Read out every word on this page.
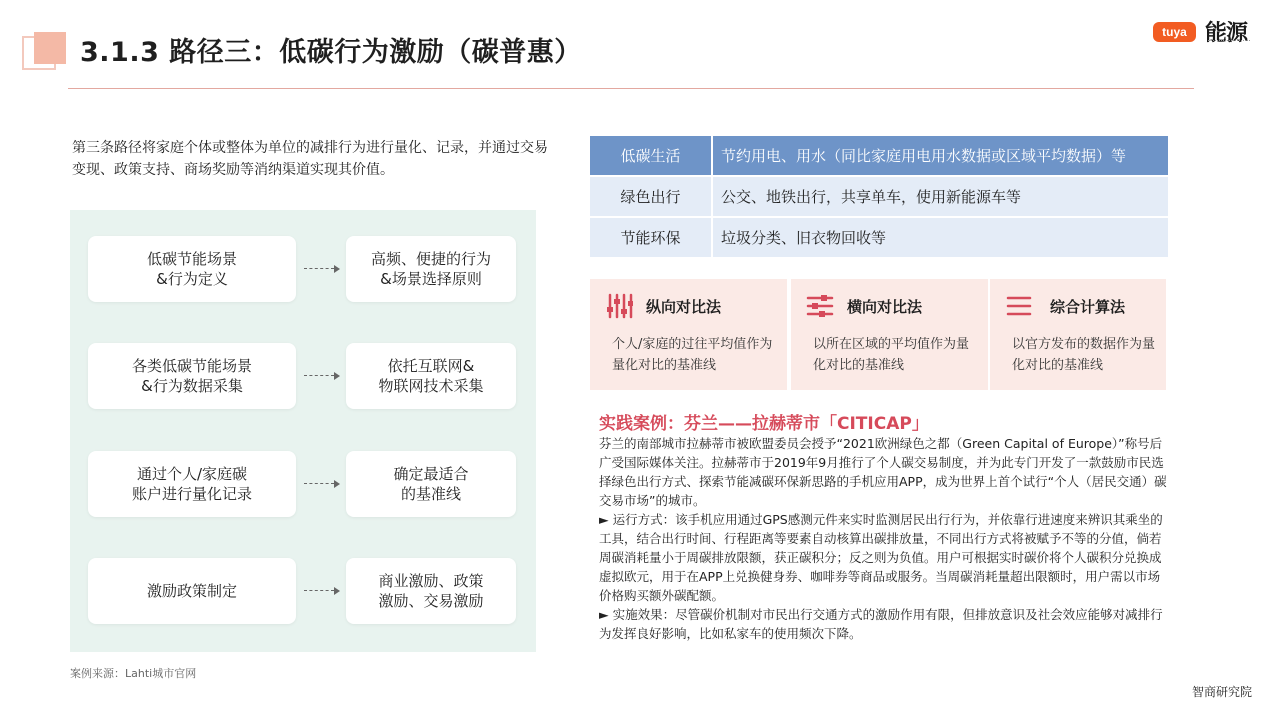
3.1.3 路径三：低碳行为激励（碳普惠）
tuya 能源
第三条路径将家庭个体或整体为单位的减排行为进行量化、记录，并通过交易变现、政策支持、商场奖励等消纳渠道实现其价值。
低碳节能场景
&行为定义
高频、便捷的行为
&场景选择原则
各类低碳节能场景
&行为数据采集
依托互联网&
物联网技术采集
通过个人/家庭碳
账户进行量化记录
确定最适合
的基准线
激励政策制定
商业激励、政策
激励、交易激励
低碳生活	节约用电、用水（同比家庭用电用水数据或区域平均数据）等
绿色出行	公交、地铁出行，共享单车，使用新能源车等
节能环保	垃圾分类、旧衣物回收等
纵向对比法
个人/家庭的过往平均值作为量化对比的基准线
横向对比法
以所在区域的平均值作为量化对比的基准线
综合计算法
以官方发布的数据作为量化对比的基准线
实践案例：芬兰——拉赫蒂市「CITICAP」

芬兰的南部城市拉赫蒂市被欧盟委员会授予“2021欧洲绿色之都（Green Capital of Europe）”称号后广受国际媒体关注。拉赫蒂市于2019年9月推行了个人碳交易制度，并为此专门开发了一款鼓励市民选择绿色出行方式、探索节能减碳环保新思路的手机应用APP，成为世界上首个试行“个人（居民交通）碳交易市场”的城市。

► 运行方式：该手机应用通过GPS感测元件来实时监测居民出行行为，并依靠行进速度来辨识其乘坐的工具，结合出行时间、行程距离等要素自动核算出碳排放量，不同出行方式将被赋予不等的分值，倘若周碳消耗量小于周碳排放限额，获正碳积分；反之则为负值。用户可根据实时碳价将个人碳积分兑换成虚拟欧元，用于在APP上兑换健身券、咖啡券等商品或服务。当周碳消耗量超出限额时，用户需以市场价格购买额外碳配额。

► 实施效果：尽管碳价机制对市民出行交通方式的激励作用有限，但排放意识及社会效应能够对减排行为发挥良好影响，比如私家车的使用频次下降。

案例来源：Lahti城市官网
智商研究院
